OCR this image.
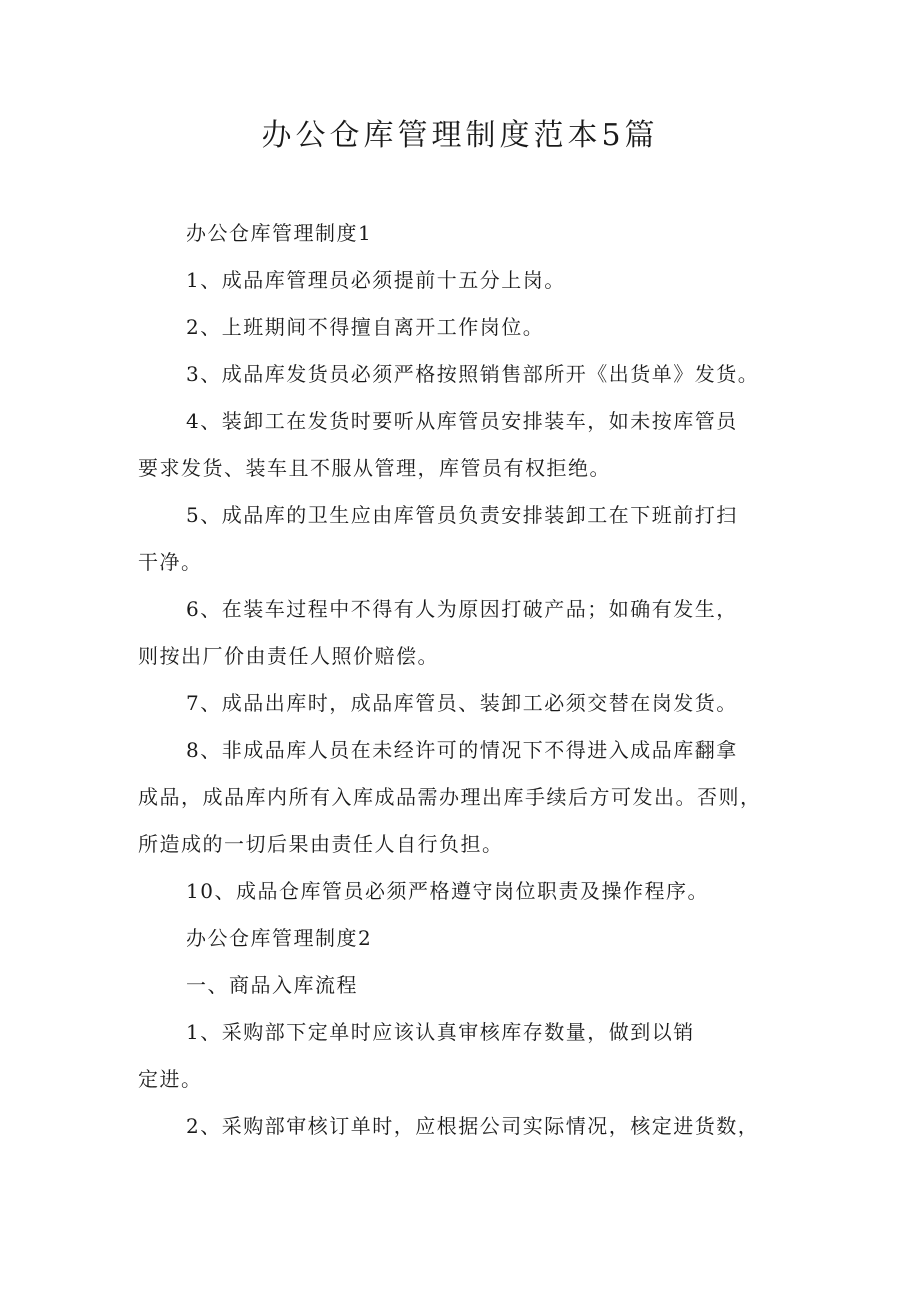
办公仓库管理制度范本5篇

办公仓库管理制度1

1、成品库管理员必须提前十五分上岗。

2、上班期间不得擅自离开工作岗位。

3、成品库发货员必须严格按照销售部所开《出货单》发货。

4、装卸工在发货时要听从库管员安排装车，如未按库管员

要求发货、装车且不服从管理，库管员有权拒绝。

5、成品库的卫生应由库管员负责安排装卸工在下班前打扫

干净。

6、在装车过程中不得有人为原因打破产品；如确有发生，

则按出厂价由责任人照价赔偿。

7、成品出库时，成品库管员、装卸工必须交替在岗发货。

8、非成品库人员在未经许可的情况下不得进入成品库翻拿

成品，成品库内所有入库成品需办理出库手续后方可发出。否则，

所造成的一切后果由责任人自行负担。

10、成品仓库管员必须严格遵守岗位职责及操作程序。

办公仓库管理制度2

一、商品入库流程

1、采购部下定单时应该认真审核库存数量，做到以销

定进。

2、采购部审核订单时，应根据公司实际情况，核定进货数，
